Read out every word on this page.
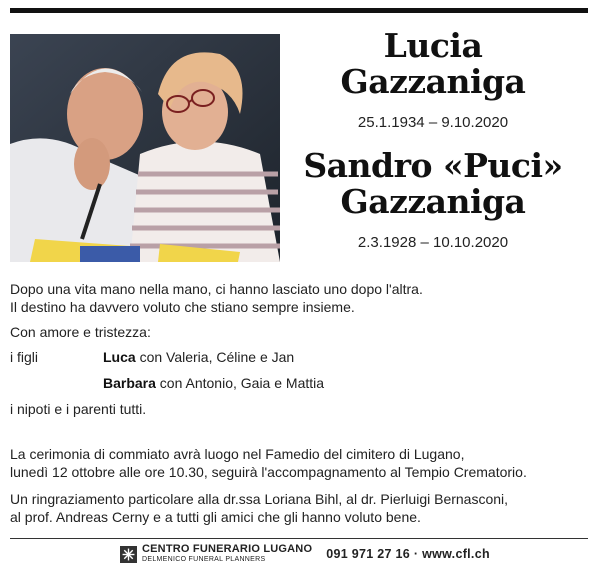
Lucia
Gazzaniga
25.1.1934 – 9.10.2020
Sandro «Puci»
Gazzaniga
2.3.1928 – 10.10.2020
Dopo una vita mano nella mano, ci hanno lasciato uno dopo l'altra.
Il destino ha davvero voluto che stiano sempre insieme.
Con amore e tristezza:
i figli	Luca con Valeria, Céline e Jan
Barbara con Antonio, Gaia e Mattia
i nipoti e i parenti tutti.
La cerimonia di commiato avrà luogo nel Famedio del cimitero di Lugano,
lunedì 12 ottobre alle ore 10.30, seguirà l'accompagnamento al Tempio Crematorio.
Un ringraziamento particolare alla dr.ssa Loriana Bihl, al dr. Pierluigi Bernasconi,
al prof. Andreas Cerny e a tutti gli amici che gli hanno voluto bene.
CENTRO FUNERARIO LUGANO
DELMENICO FUNERAL PLANNERS	091 971 27 16 · www.cfl.ch
